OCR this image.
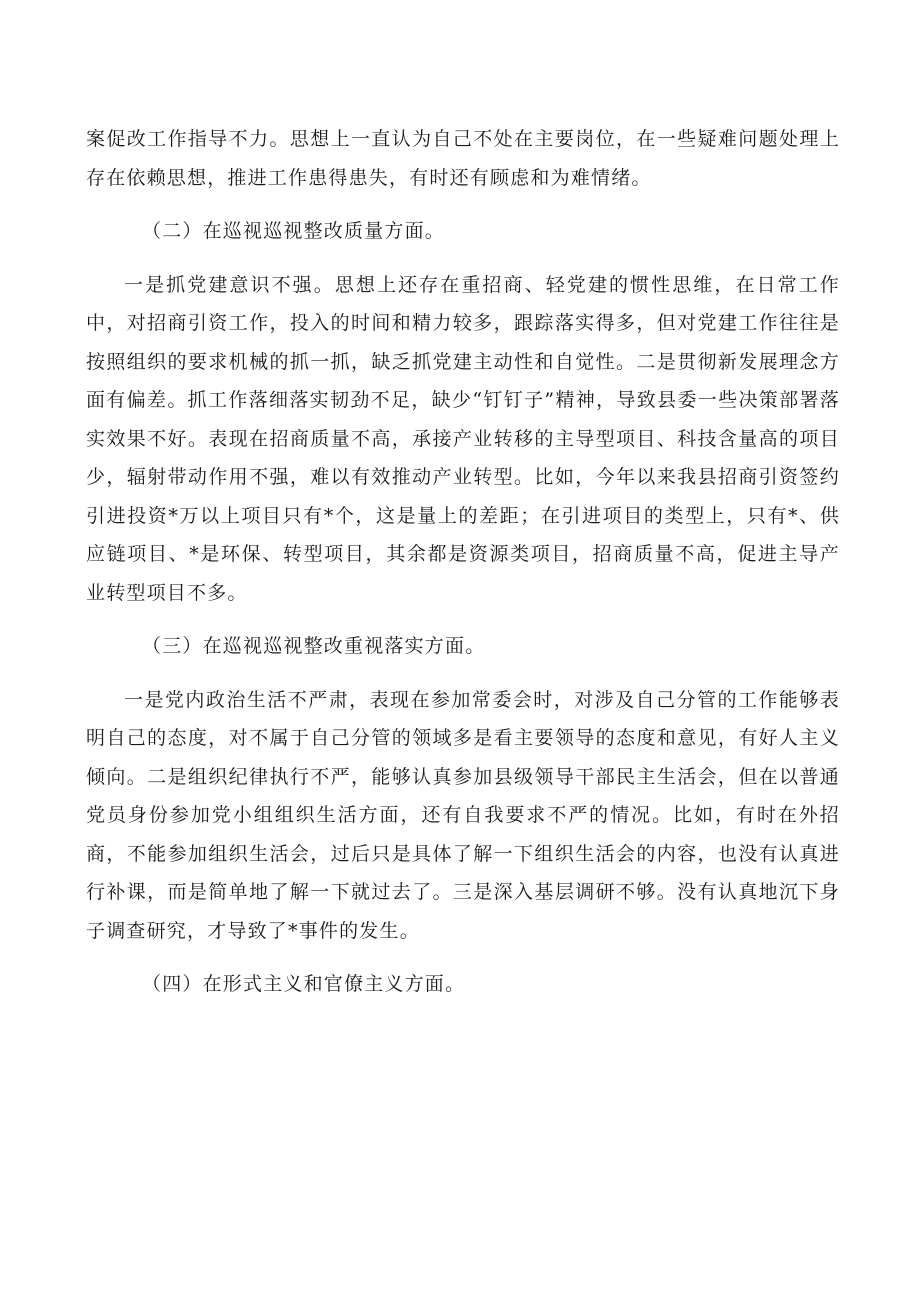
案促改工作指导不力。思想上一直认为自己不处在主要岗位，在一些疑难问题处理上存在依赖思想，推进工作患得患失，有时还有顾虑和为难情绪。

（二）在巡视巡视整改质量方面。

一是抓党建意识不强。思想上还存在重招商、轻党建的惯性思维，在日常工作中，对招商引资工作，投入的时间和精力较多，跟踪落实得多，但对党建工作往往是按照组织的要求机械的抓一抓，缺乏抓党建主动性和自觉性。二是贯彻新发展理念方面有偏差。抓工作落细落实韧劲不足，缺少“钉钉子”精神，导致县委一些决策部署落实效果不好。表现在招商质量不高，承接产业转移的主导型项目、科技含量高的项目少，辐射带动作用不强，难以有效推动产业转型。比如，今年以来我县招商引资签约引进投资*万以上项目只有*个，这是量上的差距；在引进项目的类型上，只有*、供应链项目、*是环保、转型项目，其余都是资源类项目，招商质量不高，促进主导产业转型项目不多。

（三）在巡视巡视整改重视落实方面。

一是党内政治生活不严肃，表现在参加常委会时，对涉及自己分管的工作能够表明自己的态度，对不属于自己分管的领域多是看主要领导的态度和意见，有好人主义倾向。二是组织纪律执行不严，能够认真参加县级领导干部民主生活会，但在以普通党员身份参加党小组组织生活方面，还有自我要求不严的情况。比如，有时在外招商，不能参加组织生活会，过后只是具体了解一下组织生活会的内容，也没有认真进行补课，而是简单地了解一下就过去了。三是深入基层调研不够。没有认真地沉下身子调查研究，才导致了*事件的发生。

（四）在形式主义和官僚主义方面。
